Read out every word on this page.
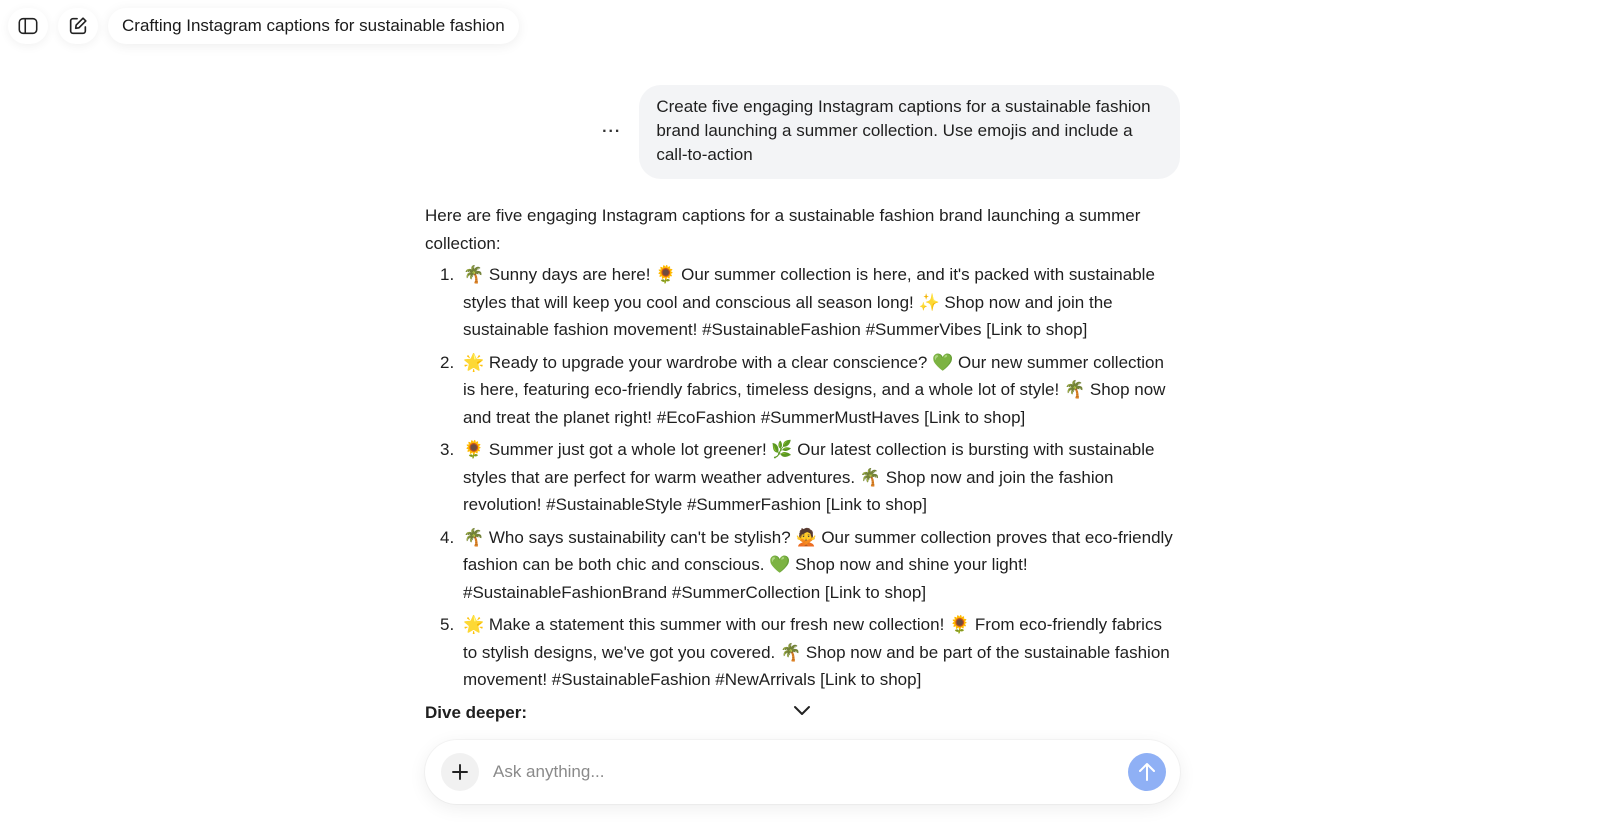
Crafting Instagram captions for sustainable fashion
···
Create five engaging Instagram captions for a sustainable fashion brand launching a summer collection. Use emojis and include a call-to-action

Here are five engaging Instagram captions for a sustainable fashion brand launching a summer collection:

1. 🌴 Sunny days are here! 🌻 Our summer collection is here, and it's packed with sustainable styles that will keep you cool and conscious all season long! ✨ Shop now and join the sustainable fashion movement! #SustainableFashion #SummerVibes [Link to shop]
2. 🌟 Ready to upgrade your wardrobe with a clear conscience? 💚 Our new summer collection is here, featuring eco-friendly fabrics, timeless designs, and a whole lot of style! 🌴 Shop now and treat the planet right! #EcoFashion #SummerMustHaves [Link to shop]
3. 🌻 Summer just got a whole lot greener! 🌿 Our latest collection is bursting with sustainable styles that are perfect for warm weather adventures. 🌴 Shop now and join the fashion revolution! #SustainableStyle #SummerFashion [Link to shop]
4. 🌴 Who says sustainability can't be stylish? 🙅 Our summer collection proves that eco-friendly fashion can be both chic and conscious. 💚 Shop now and shine your light! #SustainableFashionBrand #SummerCollection [Link to shop]
5. 🌟 Make a statement this summer with our fresh new collection! 🌻 From eco-friendly fabrics to stylish designs, we've got you covered. 🌴 Shop now and be part of the sustainable fashion movement! #SustainableFashion #NewArrivals [Link to shop]

Dive deeper:

Ask anything...
